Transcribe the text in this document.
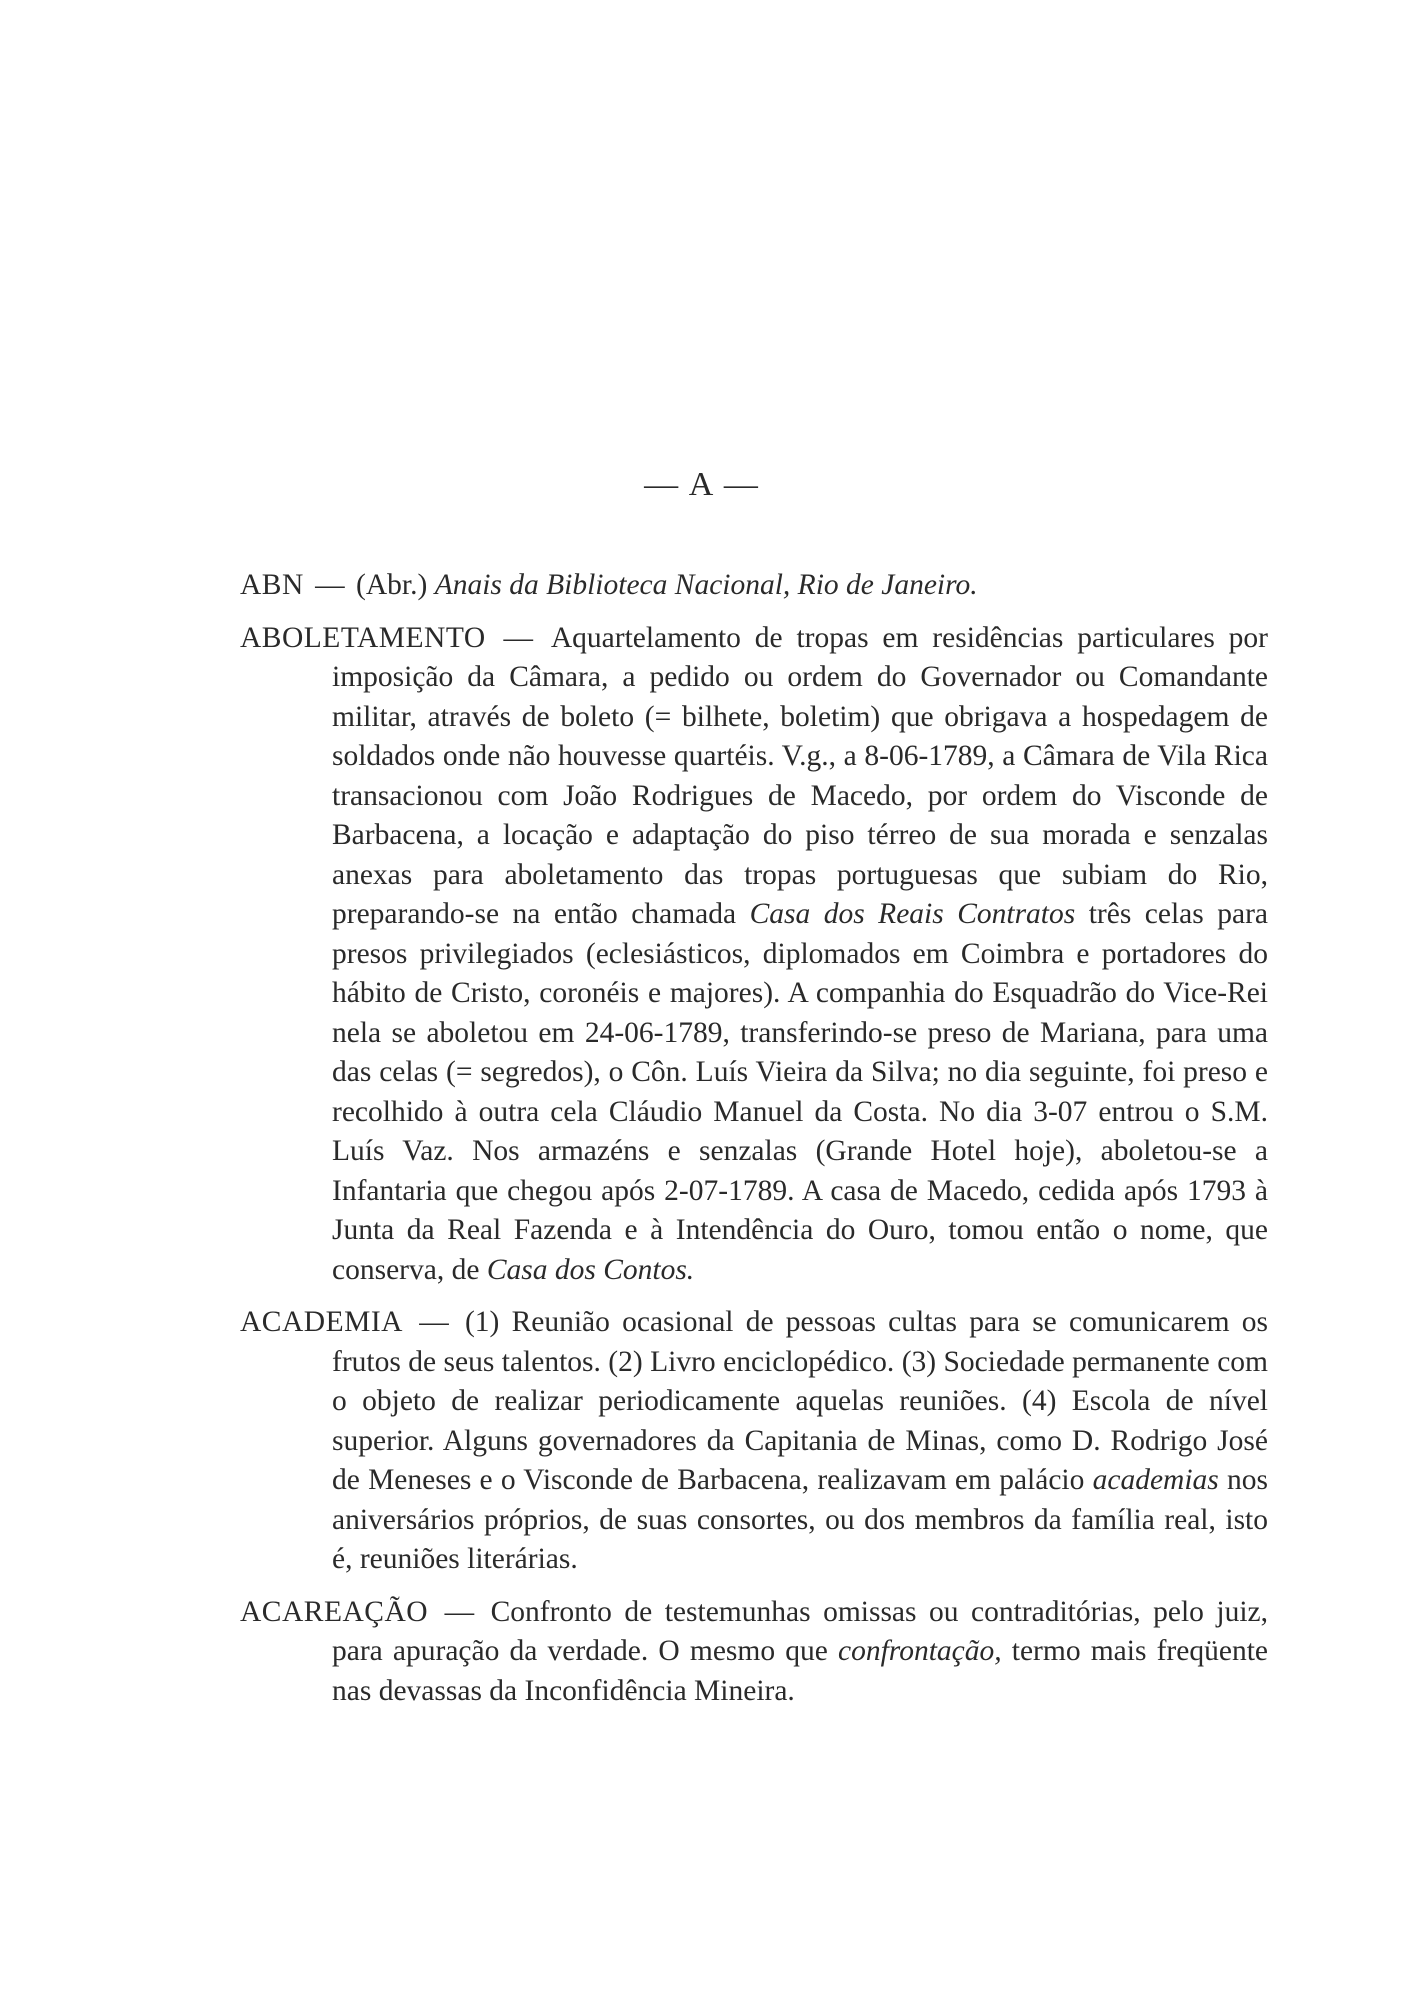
— A —

ABN — (Abr.) Anais da Biblioteca Nacional, Rio de Janeiro.

ABOLETAMENTO — Aquartelamento de tropas em residências particulares por imposição da Câmara, a pedido ou ordem do Governador ou Comandante militar, através de boleto (= bilhete, boletim) que obrigava a hospedagem de soldados onde não houvesse quartéis. V.g., a 8-06-1789, a Câmara de Vila Rica transacionou com João Rodrigues de Macedo, por ordem do Visconde de Barbacena, a locação e adaptação do piso térreo de sua morada e senzalas anexas para aboletamento das tropas portuguesas que subiam do Rio, preparando-se na então chamada Casa dos Reais Contratos três celas para presos privilegiados (eclesiásticos, diplomados em Coimbra e portadores do hábito de Cristo, coronéis e majores). A companhia do Esquadrão do Vice-Rei nela se aboletou em 24-06-1789, transferindo-se preso de Mariana, para uma das celas (= segredos), o Côn. Luís Vieira da Silva; no dia seguinte, foi preso e recolhido à outra cela Cláudio Manuel da Costa. No dia 3-07 entrou o S.M. Luís Vaz. Nos armazéns e senzalas (Grande Hotel hoje), aboletou-se a Infantaria que chegou após 2-07-1789. A casa de Macedo, cedida após 1793 à Junta da Real Fazenda e à Intendência do Ouro, tomou então o nome, que conserva, de Casa dos Contos.

ACADEMIA — (1) Reunião ocasional de pessoas cultas para se comunicarem os frutos de seus talentos. (2) Livro enciclopédico. (3) Sociedade permanente com o objeto de realizar periodicamente aquelas reuniões. (4) Escola de nível superior. Alguns governadores da Capitania de Minas, como D. Rodrigo José de Meneses e o Visconde de Barbacena, realizavam em palácio academias nos aniversários próprios, de suas consortes, ou dos membros da família real, isto é, reuniões literárias.

ACAREAÇÃO — Confronto de testemunhas omissas ou contraditórias, pelo juiz, para apuração da verdade. O mesmo que confrontação, termo mais freqüente nas devassas da Inconfidência Mineira.
